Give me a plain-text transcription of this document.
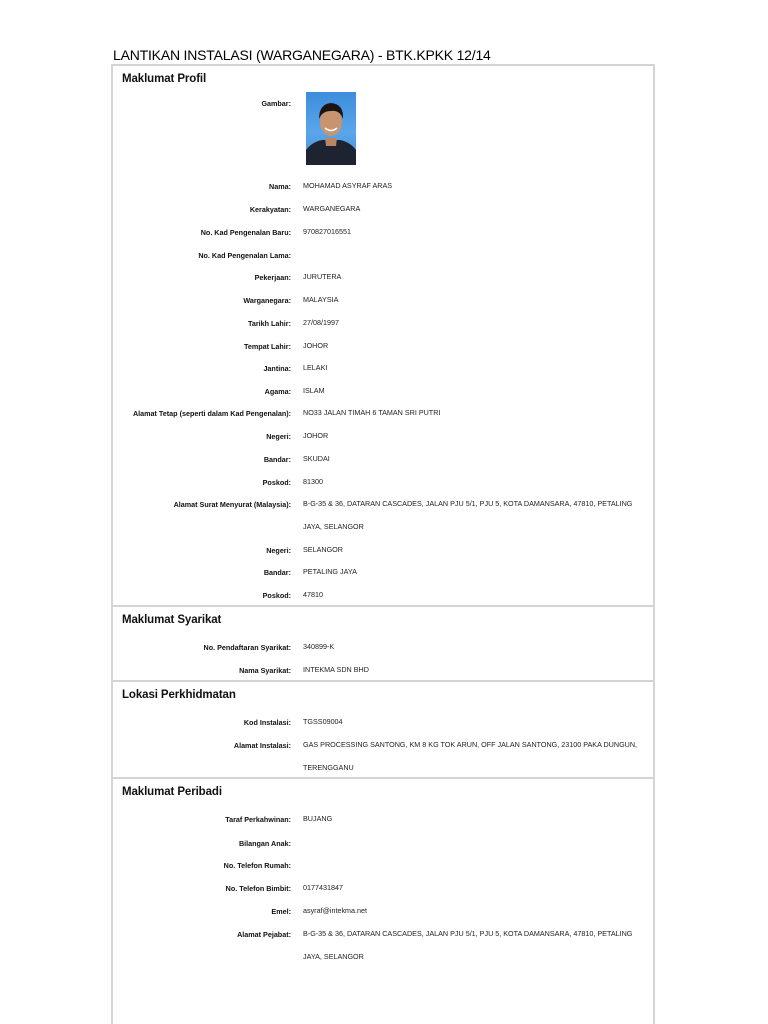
LANTIKAN INSTALASI (WARGANEGARA) - BTK.KPKK 12/14
Maklumat Profil
Gambar:
Maklumat Syarikat
Lokasi Perkhidmatan
Maklumat Peribadi
Nama: MOHAMAD ASYRAF ARAS
Kerakyatan: WARGANEGARA
No. Kad Pengenalan Baru: 970827016551
No. Kad Pengenalan Lama:
Pekerjaan: JURUTERA
Warganegara: MALAYSIA
Tarikh Lahir: 27/08/1997
Tempat Lahir: JOHOR
Jantina: LELAKI
Agama: ISLAM
Alamat Tetap (seperti dalam Kad Pengenalan): NO33 JALAN TIMAH 6 TAMAN SRI PUTRI
Negeri: JOHOR
Bandar: SKUDAI
Poskod: 81300
Alamat Surat Menyurat (Malaysia): B-G-35 & 36, DATARAN CASCADES, JALAN PJU 5/1, PJU 5, KOTA DAMANSARA, 47810, PETALING JAYA, SELANGOR
Negeri: SELANGOR
Bandar: PETALING JAYA
Poskod: 47810
No. Pendaftaran Syarikat: 340899-K
Nama Syarikat: INTEKMA SDN BHD
Kod Instalasi: TGSS09004
Alamat Instalasi: GAS PROCESSING SANTONG, KM 8 KG TOK ARUN, OFF JALAN SANTONG, 23100 PAKA DUNGUN, TERENGGANU
Taraf Perkahwinan: BUJANG
Bilangan Anak:
No. Telefon Rumah:
No. Telefon Bimbit: 0177431847
Emel: asyraf@intekma.net
Alamat Pejabat: B-G-35 & 36, DATARAN CASCADES, JALAN PJU 5/1, PJU 5, KOTA DAMANSARA, 47810, PETALING JAYA, SELANGOR
